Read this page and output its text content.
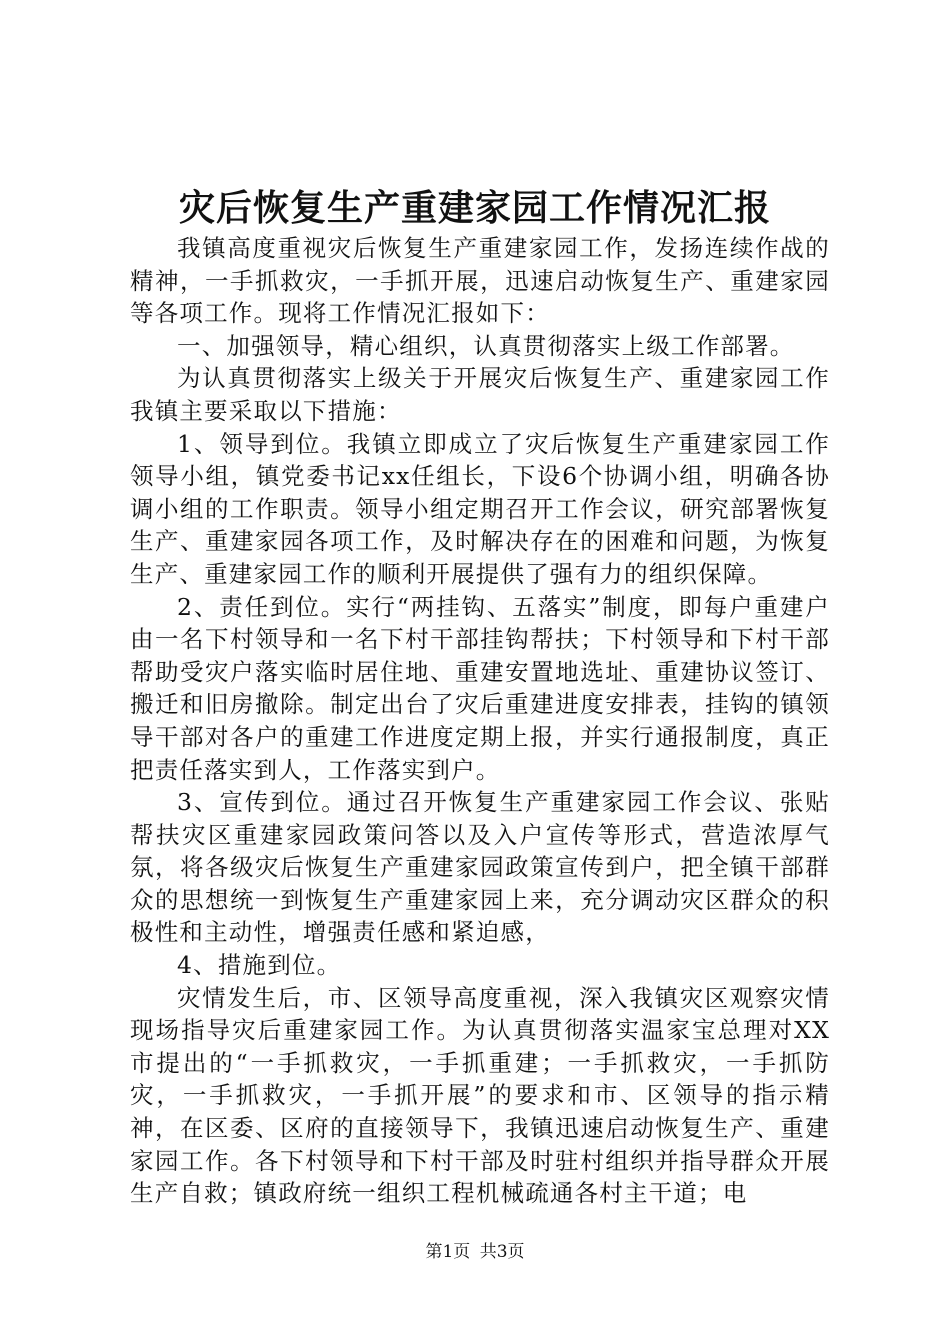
灾后恢复生产重建家园工作情况汇报

我镇高度重视灾后恢复生产重建家园工作，发扬连续作战的精神，一手抓救灾，一手抓开展，迅速启动恢复生产、重建家园等各项工作。现将工作情况汇报如下：

一、加强领导，精心组织，认真贯彻落实上级工作部署。

为认真贯彻落实上级关于开展灾后恢复生产、重建家园工作我镇主要采取以下措施：

1、领导到位。我镇立即成立了灾后恢复生产重建家园工作领导小组，镇党委书记xx任组长，下设6个协调小组，明确各协调小组的工作职责。领导小组定期召开工作会议，研究部署恢复生产、重建家园各项工作，及时解决存在的困难和问题，为恢复生产、重建家园工作的顺利开展提供了强有力的组织保障。

2、责任到位。实行“两挂钩、五落实”制度，即每户重建户由一名下村领导和一名下村干部挂钩帮扶；下村领导和下村干部帮助受灾户落实临时居住地、重建安置地选址、重建协议签订、搬迁和旧房撤除。制定出台了灾后重建进度安排表，挂钩的镇领导干部对各户的重建工作进度定期上报，并实行通报制度，真正把责任落实到人，工作落实到户。

3、宣传到位。通过召开恢复生产重建家园工作会议、张贴帮扶灾区重建家园政策问答以及入户宣传等形式，营造浓厚气氛，将各级灾后恢复生产重建家园政策宣传到户，把全镇干部群众的思想统一到恢复生产重建家园上来，充分调动灾区群众的积极性和主动性，增强责任感和紧迫感，

4、措施到位。

灾情发生后，市、区领导高度重视，深入我镇灾区观察灾情现场指导灾后重建家园工作。为认真贯彻落实温家宝总理对XX市提出的“一手抓救灾，一手抓重建；一手抓救灾，一手抓防灾，一手抓救灾，一手抓开展”的要求和市、区领导的指示精神，在区委、区府的直接领导下，我镇迅速启动恢复生产、重建家园工作。各下村领导和下村干部及时驻村组织并指导群众开展生产自救；镇政府统一组织工程机械疏通各村主干道；电

第1页 共3页
